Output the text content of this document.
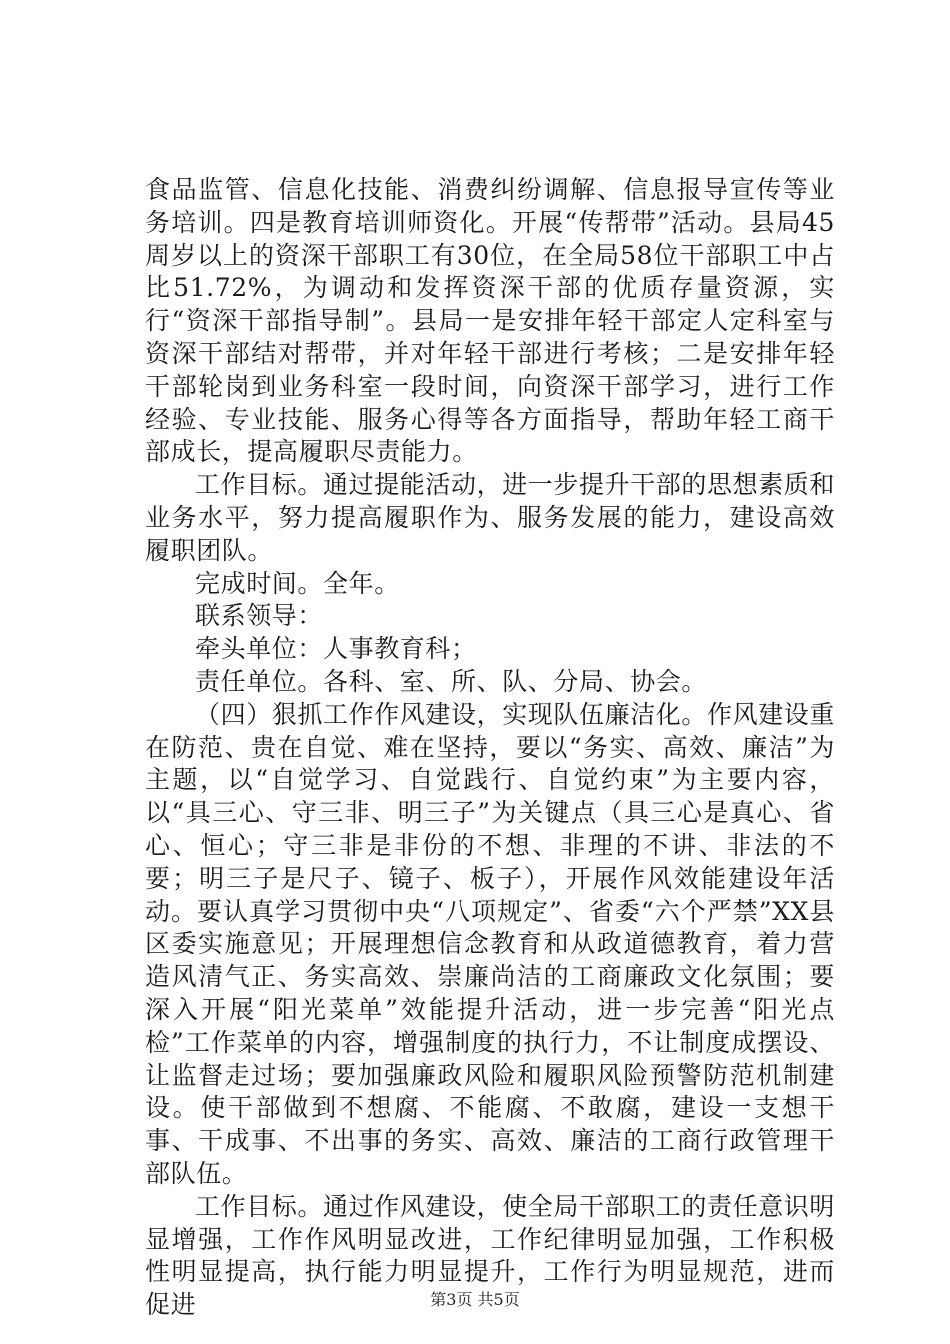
食品监管、信息化技能、消费纠纷调解、信息报导宣传等业务培训。四是教育培训师资化。开展“传帮带”活动。县局45周岁以上的资深干部职工有30位，在全局58位干部职工中占比51.72%，为调动和发挥资深干部的优质存量资源，实行“资深干部指导制”。县局一是安排年轻干部定人定科室与资深干部结对帮带，并对年轻干部进行考核；二是安排年轻干部轮岗到业务科室一段时间，向资深干部学习，进行工作经验、专业技能、服务心得等各方面指导，帮助年轻工商干部成长，提高履职尽责能力。

工作目标。通过提能活动，进一步提升干部的思想素质和业务水平，努力提高履职作为、服务发展的能力，建设高效履职团队。

完成时间。全年。

联系领导：

牵头单位：人事教育科；

责任单位。各科、室、所、队、分局、协会。

（四）狠抓工作作风建设，实现队伍廉洁化。作风建设重在防范、贵在自觉、难在坚持，要以“务实、高效、廉洁”为主题，以“自觉学习、自觉践行、自觉约束”为主要内容，以“具三心、守三非、明三子”为关键点（具三心是真心、省心、恒心；守三非是非份的不想、非理的不讲、非法的不要；明三子是尺子、镜子、板子），开展作风效能建设年活动。要认真学习贯彻中央“八项规定”、省委“六个严禁”XX县区委实施意见；开展理想信念教育和从政道德教育，着力营造风清气正、务实高效、崇廉尚洁的工商廉政文化氛围；要深入开展“阳光菜单”效能提升活动，进一步完善“阳光点检”工作菜单的内容，增强制度的执行力，不让制度成摆设、让监督走过场；要加强廉政风险和履职风险预警防范机制建设。使干部做到不想腐、不能腐、不敢腐，建设一支想干事、干成事、不出事的务实、高效、廉洁的工商行政管理干部队伍。

工作目标。通过作风建设，使全局干部职工的责任意识明显增强，工作作风明显改进，工作纪律明显加强，工作积极性明显提高，执行能力明显提升，工作行为明显规范，进而促进	第3页 共5页
